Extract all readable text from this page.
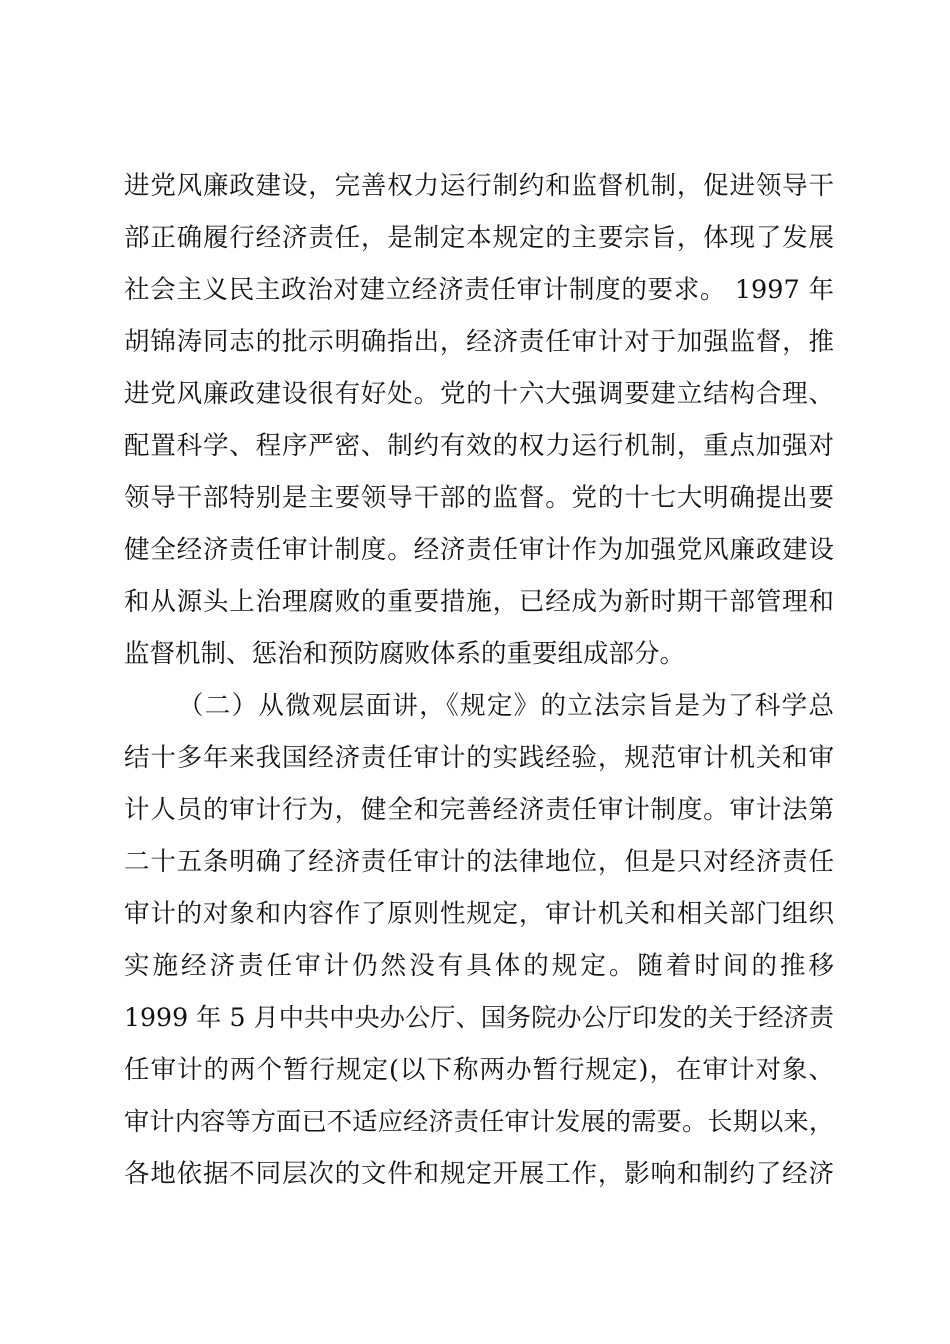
进党风廉政建设，完善权力运行制约和监督机制，促进领导干
部正确履行经济责任，是制定本规定的主要宗旨，体现了发展
社会主义民主政治对建立经济责任审计制度的要求。 1997 年
胡锦涛同志的批示明确指出，经济责任审计对于加强监督，推
进党风廉政建设很有好处。党的十六大强调要建立结构合理、
配置科学、程序严密、制约有效的权力运行机制，重点加强对
领导干部特别是主要领导干部的监督。党的十七大明确提出要
健全经济责任审计制度。经济责任审计作为加强党风廉政建设
和从源头上治理腐败的重要措施，已经成为新时期干部管理和
监督机制、惩治和预防腐败体系的重要组成部分。
（二）从微观层面讲，《规定》的立法宗旨是为了科学总
结十多年来我国经济责任审计的实践经验，规范审计机关和审
计人员的审计行为，健全和完善经济责任审计制度。审计法第
二十五条明确了经济责任审计的法律地位，但是只对经济责任
审计的对象和内容作了原则性规定，审计机关和相关部门组织
实施经济责任审计仍然没有具体的规定。随着时间的推移
1999 年 5 月中共中央办公厅、国务院办公厅印发的关于经济责
任审计的两个暂行规定(以下称两办暂行规定)，在审计对象、
审计内容等方面已不适应经济责任审计发展的需要。长期以来，
各地依据不同层次的文件和规定开展工作，影响和制约了经济
